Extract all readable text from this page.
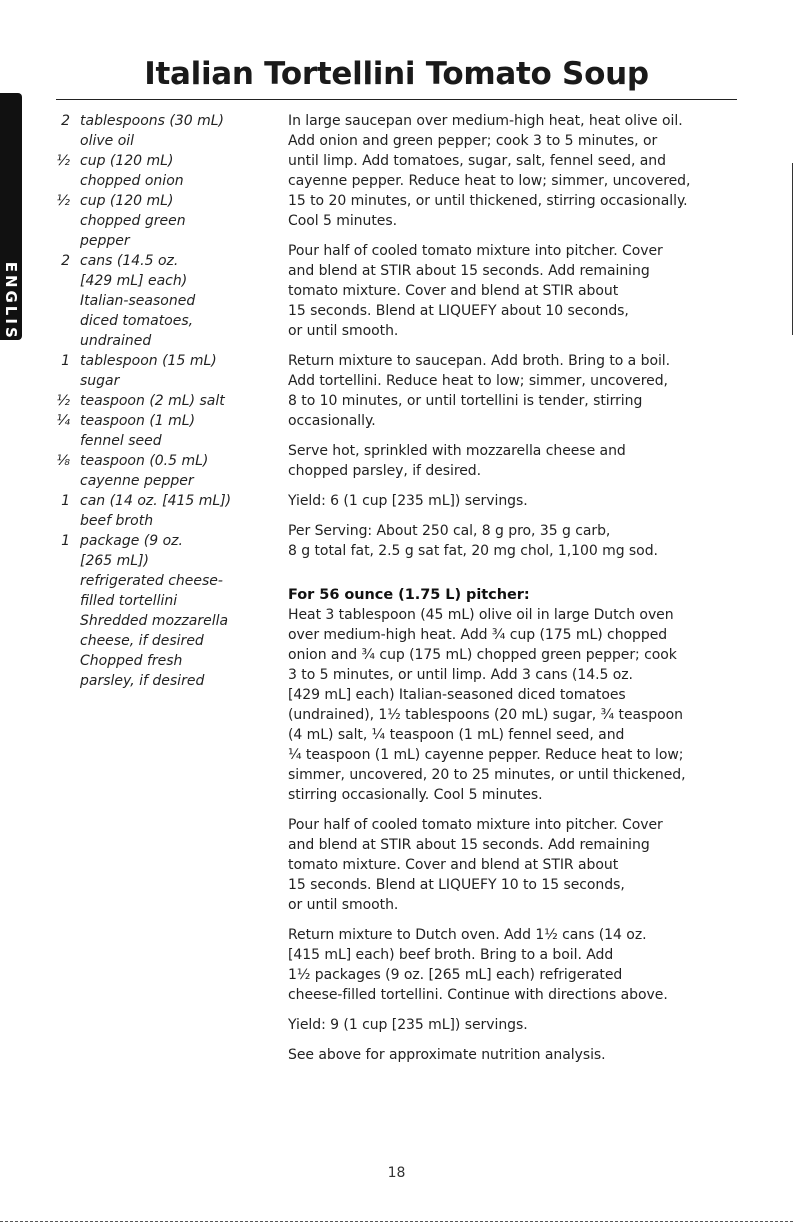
Italian Tortellini Tomato Soup

ENGLISH

2 tablespoons (30 mL)
olive oil
½ cup (120 mL)
chopped onion
½ cup (120 mL)
chopped green
pepper
2 cans (14.5 oz.
[429 mL] each)
Italian-seasoned
diced tomatoes,
undrained
1 tablespoon (15 mL)
sugar
½ teaspoon (2 mL) salt
¼ teaspoon (1 mL)
fennel seed
⅛ teaspoon (0.5 mL)
cayenne pepper
1 can (14 oz. [415 mL])
beef broth
1 package (9 oz.
[265 mL])
refrigerated cheese-
filled tortellini
Shredded mozzarella
cheese, if desired
Chopped fresh
parsley, if desired

In large saucepan over medium-high heat, heat olive oil.
Add onion and green pepper; cook 3 to 5 minutes, or
until limp. Add tomatoes, sugar, salt, fennel seed, and
cayenne pepper. Reduce heat to low; simmer, uncovered,
15 to 20 minutes, or until thickened, stirring occasionally.
Cool 5 minutes.

Pour half of cooled tomato mixture into pitcher. Cover
and blend at STIR about 15 seconds. Add remaining
tomato mixture. Cover and blend at STIR about
15 seconds. Blend at LIQUEFY about 10 seconds,
or until smooth.

Return mixture to saucepan. Add broth. Bring to a boil.
Add tortellini. Reduce heat to low; simmer, uncovered,
8 to 10 minutes, or until tortellini is tender, stirring
occasionally.

Serve hot, sprinkled with mozzarella cheese and
chopped parsley, if desired.

Yield: 6 (1 cup [235 mL]) servings.

Per Serving: About 250 cal, 8 g pro, 35 g carb,
8 g total fat, 2.5 g sat fat, 20 mg chol, 1,100 mg sod.

For 56 ounce (1.75 L) pitcher:

Heat 3 tablespoon (45 mL) olive oil in large Dutch oven
over medium-high heat. Add ¾ cup (175 mL) chopped
onion and ¾ cup (175 mL) chopped green pepper; cook
3 to 5 minutes, or until limp. Add 3 cans (14.5 oz.
[429 mL] each) Italian-seasoned diced tomatoes
(undrained), 1½ tablespoons (20 mL) sugar, ¾ teaspoon
(4 mL) salt, ¼ teaspoon (1 mL) fennel seed, and
¼ teaspoon (1 mL) cayenne pepper. Reduce heat to low;
simmer, uncovered, 20 to 25 minutes, or until thickened,
stirring occasionally. Cool 5 minutes.

Pour half of cooled tomato mixture into pitcher. Cover
and blend at STIR about 15 seconds. Add remaining
tomato mixture. Cover and blend at STIR about
15 seconds. Blend at LIQUEFY 10 to 15 seconds,
or until smooth.

Return mixture to Dutch oven. Add 1½ cans (14 oz.
[415 mL] each) beef broth. Bring to a boil. Add
1½ packages (9 oz. [265 mL] each) refrigerated
cheese-filled tortellini. Continue with directions above.

Yield: 9 (1 cup [235 mL]) servings.

See above for approximate nutrition analysis.

18
